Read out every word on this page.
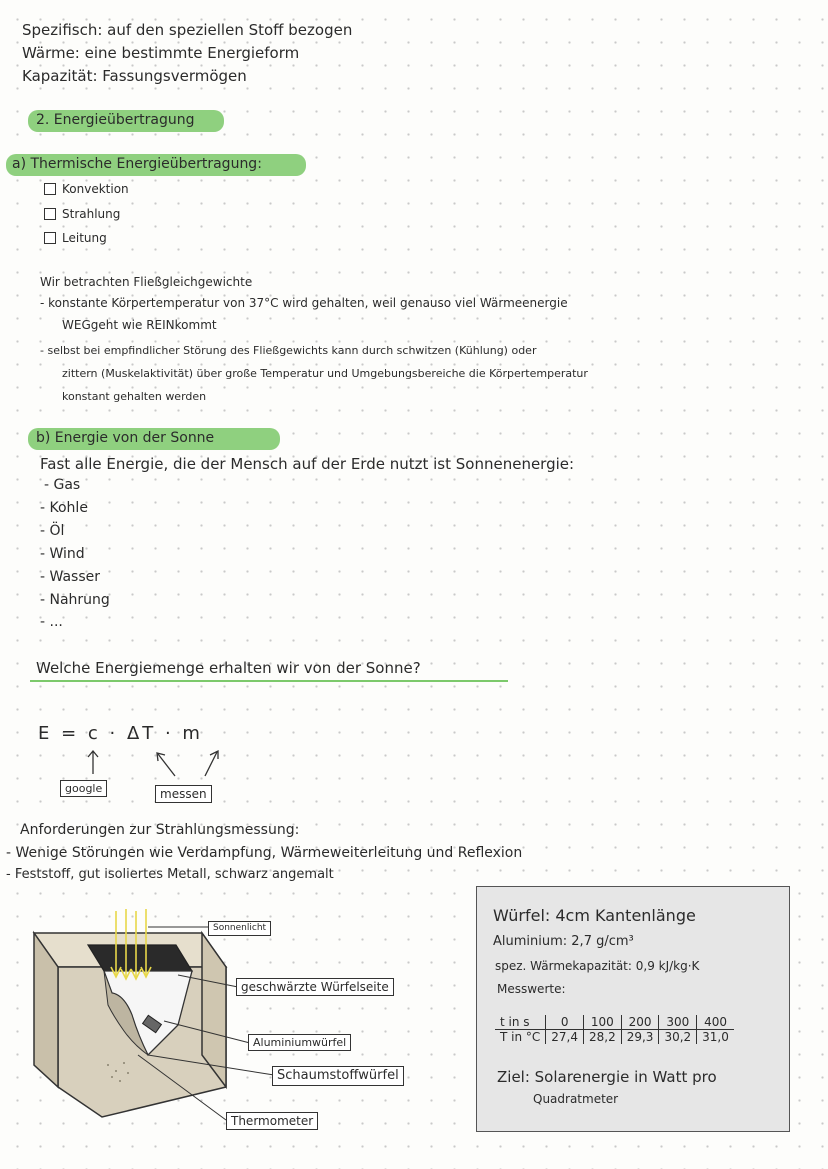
Spezifisch: auf den speziellen Stoff bezogen
Wärme: eine bestimmte Energieform
Kapazität: Fassungsvermögen
2. Energieübertragung
a) Thermische Energieübertragung:
Konvektion
Strahlung
Leitung
Wir betrachten Fließgleichgewichte
- konstante Körpertemperatur von 37°C wird gehalten, weil genauso viel Wärmeenergie
WEGgeht wie REINkommt
- selbst bei empfindlicher Störung des Fließgewichts kann durch schwitzen (Kühlung) oder
zittern (Muskelaktivität) über große Temperatur und Umgebungsbereiche die Körpertemperatur
konstant gehalten werden
b) Energie von der Sonne
Fast alle Energie, die der Mensch auf der Erde nutzt ist Sonnenenergie:
- Gas
- Kohle
- Öl
- Wind
- Wasser
- Nahrung
- ...
Welche Energiemenge erhalten wir von der Sonne?
E = c · ΔT · m
google	messen
Anforderungen zur Strahlungsmessung:
- Wenige Störungen wie Verdampfung, Wärmeweiterleitung und Reflexion
- Feststoff, gut isoliertes Metall, schwarz angemalt
Sonnenlicht
geschwärzte Würfelseite
Aluminiumwürfel
Schaumstoffwürfel
Thermometer
Würfel: 4cm Kantenlänge
Aluminium: 2,7 g/cm³
spez. Wärmekapazität: 0,9 kJ/kg·K
Messwerte:
t in s	0	100	200	300	400
T in °C	27,4	28,2	29,3	30,2	31,0
Ziel: Solarenergie in Watt pro
Quadratmeter
